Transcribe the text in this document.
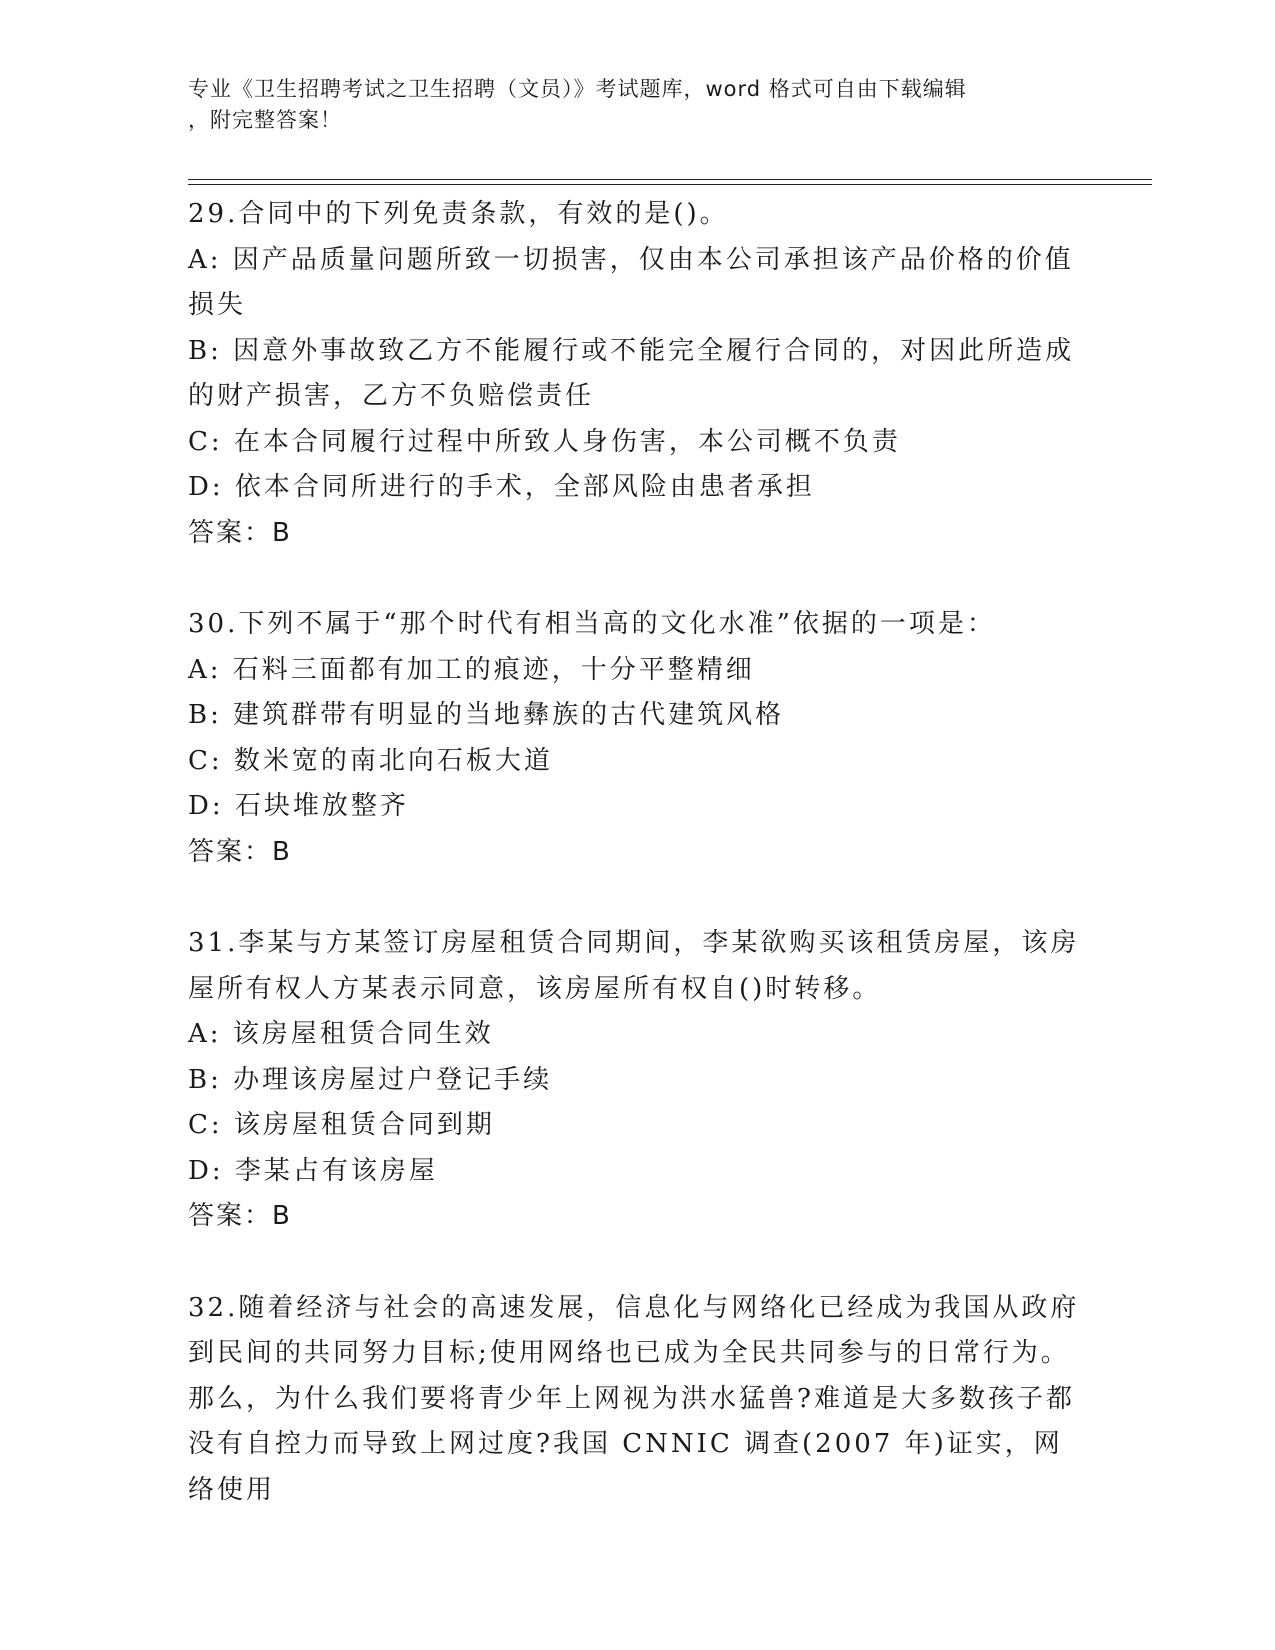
专业《卫生招聘考试之卫生招聘（文员）》考试题库，word 格式可自由下载编辑
，附完整答案！

29.合同中的下列免责条款，有效的是()。

A: 因产品质量问题所致一切损害，仅由本公司承担该产品价格的价值损失

B: 因意外事故致乙方不能履行或不能完全履行合同的，对因此所造成的财产损害，乙方不负赔偿责任

C: 在本合同履行过程中所致人身伤害，本公司概不负责

D: 依本合同所进行的手术，全部风险由患者承担

答案：B

30.下列不属于“那个时代有相当高的文化水准”依据的一项是：

A: 石料三面都有加工的痕迹，十分平整精细

B: 建筑群带有明显的当地彝族的古代建筑风格

C: 数米宽的南北向石板大道

D: 石块堆放整齐

答案：B

31.李某与方某签订房屋租赁合同期间，李某欲购买该租赁房屋，该房屋所有权人方某表示同意，该房屋所有权自()时转移。

A: 该房屋租赁合同生效

B: 办理该房屋过户登记手续

C: 该房屋租赁合同到期

D: 李某占有该房屋

答案：B

32.随着经济与社会的高速发展，信息化与网络化已经成为我国从政府到民间的共同努力目标;使用网络也已成为全民共同参与的日常行为。那么，为什么我们要将青少年上网视为洪水猛兽?难道是大多数孩子都没有自控力而导致上网过度?我国 CNNIC 调查(2007 年)证实，网络使用
